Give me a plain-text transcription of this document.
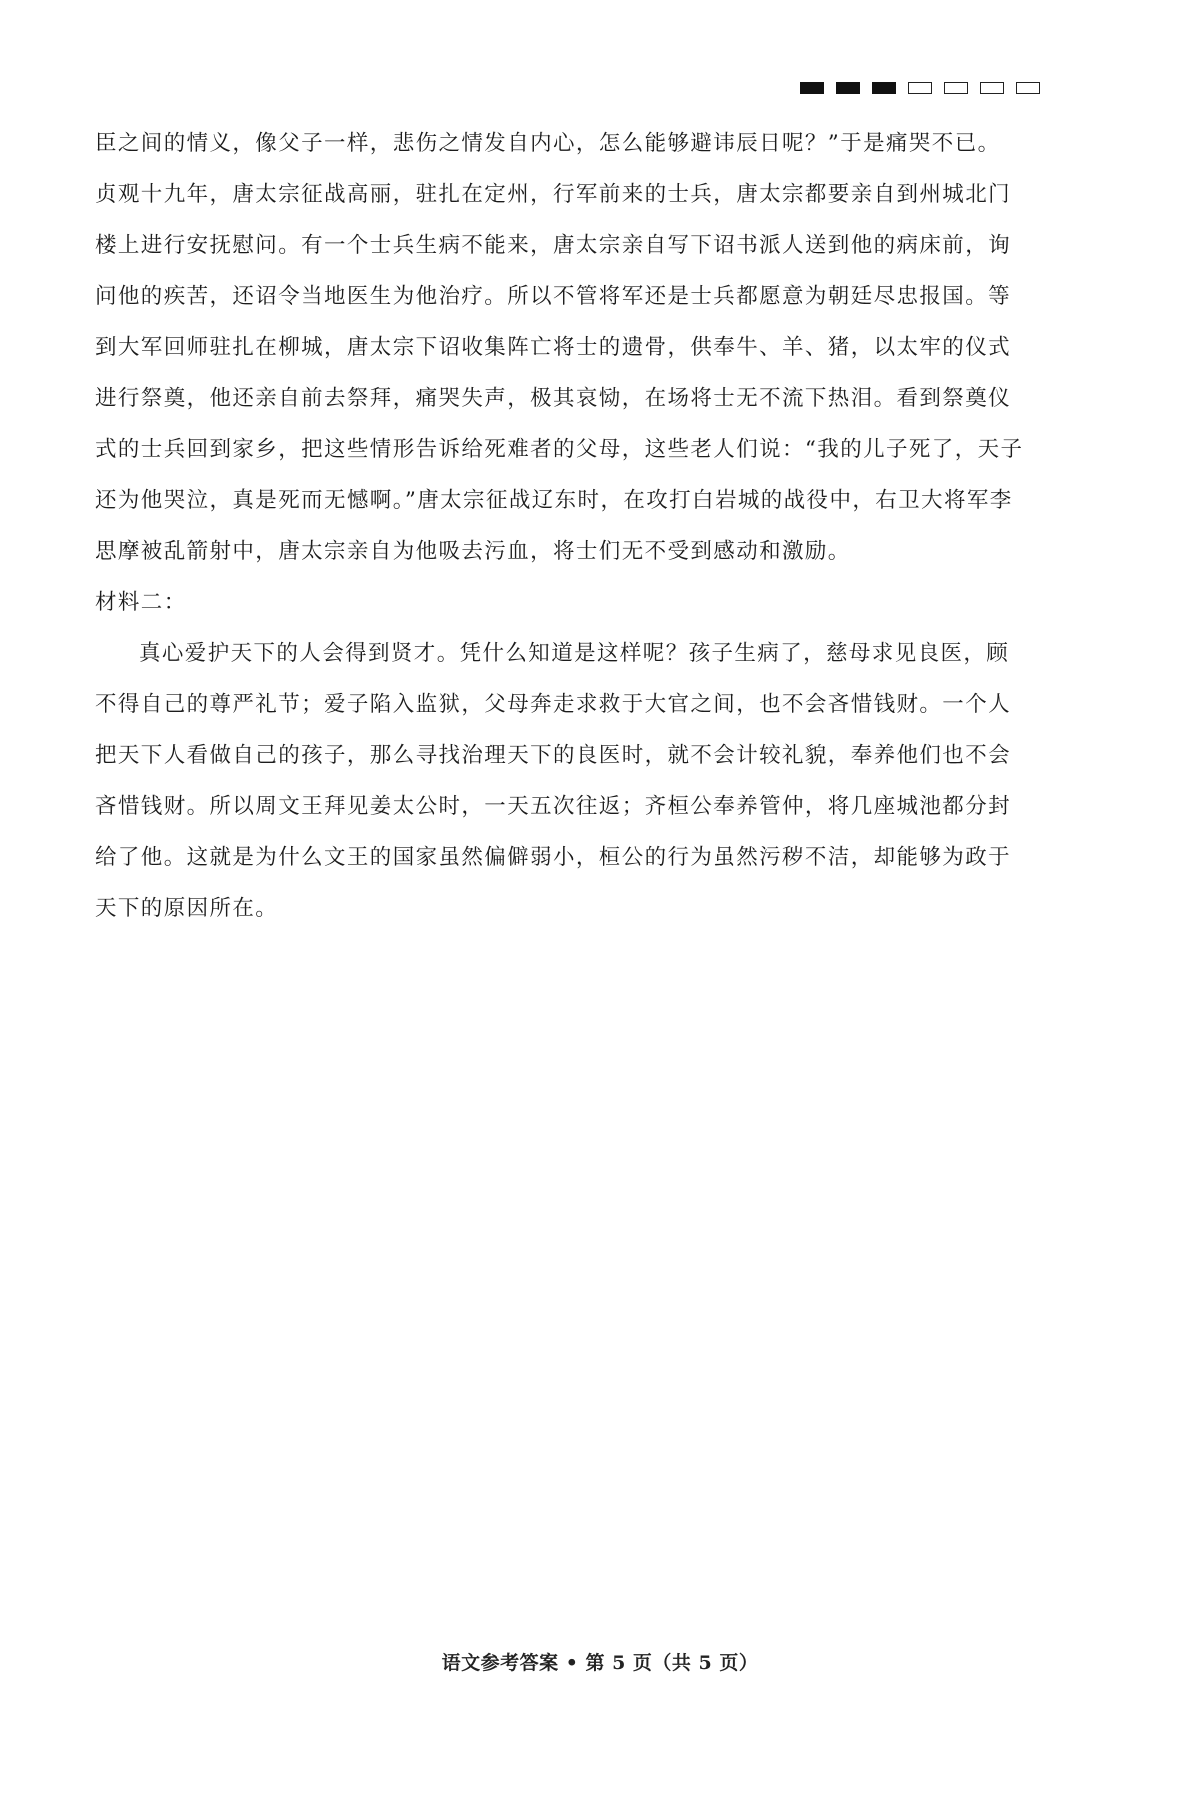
臣之间的情义，像父子一样，悲伤之情发自内心，怎么能够避讳辰日呢？”于是痛哭不已。
贞观十九年，唐太宗征战高丽，驻扎在定州，行军前来的士兵，唐太宗都要亲自到州城北门
楼上进行安抚慰问。有一个士兵生病不能来，唐太宗亲自写下诏书派人送到他的病床前，询
问他的疾苦，还诏令当地医生为他治疗。所以不管将军还是士兵都愿意为朝廷尽忠报国。等
到大军回师驻扎在柳城，唐太宗下诏收集阵亡将士的遗骨，供奉牛、羊、猪，以太牢的仪式
进行祭奠，他还亲自前去祭拜，痛哭失声，极其哀恸，在场将士无不流下热泪。看到祭奠仪
式的士兵回到家乡，把这些情形告诉给死难者的父母，这些老人们说：“我的儿子死了，天子
还为他哭泣，真是死而无憾啊。”唐太宗征战辽东时，在攻打白岩城的战役中，右卫大将军李
思摩被乱箭射中，唐太宗亲自为他吸去污血，将士们无不受到感动和激励。
材料二：
真心爱护天下的人会得到贤才。凭什么知道是这样呢？孩子生病了，慈母求见良医，顾
不得自己的尊严礼节；爱子陷入监狱，父母奔走求救于大官之间，也不会吝惜钱财。一个人
把天下人看做自己的孩子，那么寻找治理天下的良医时，就不会计较礼貌，奉养他们也不会
吝惜钱财。所以周文王拜见姜太公时，一天五次往返；齐桓公奉养管仲，将几座城池都分封
给了他。这就是为什么文王的国家虽然偏僻弱小，桓公的行为虽然污秽不洁，却能够为政于
天下的原因所在。
语文参考答案 • 第 5 页（共 5 页）
